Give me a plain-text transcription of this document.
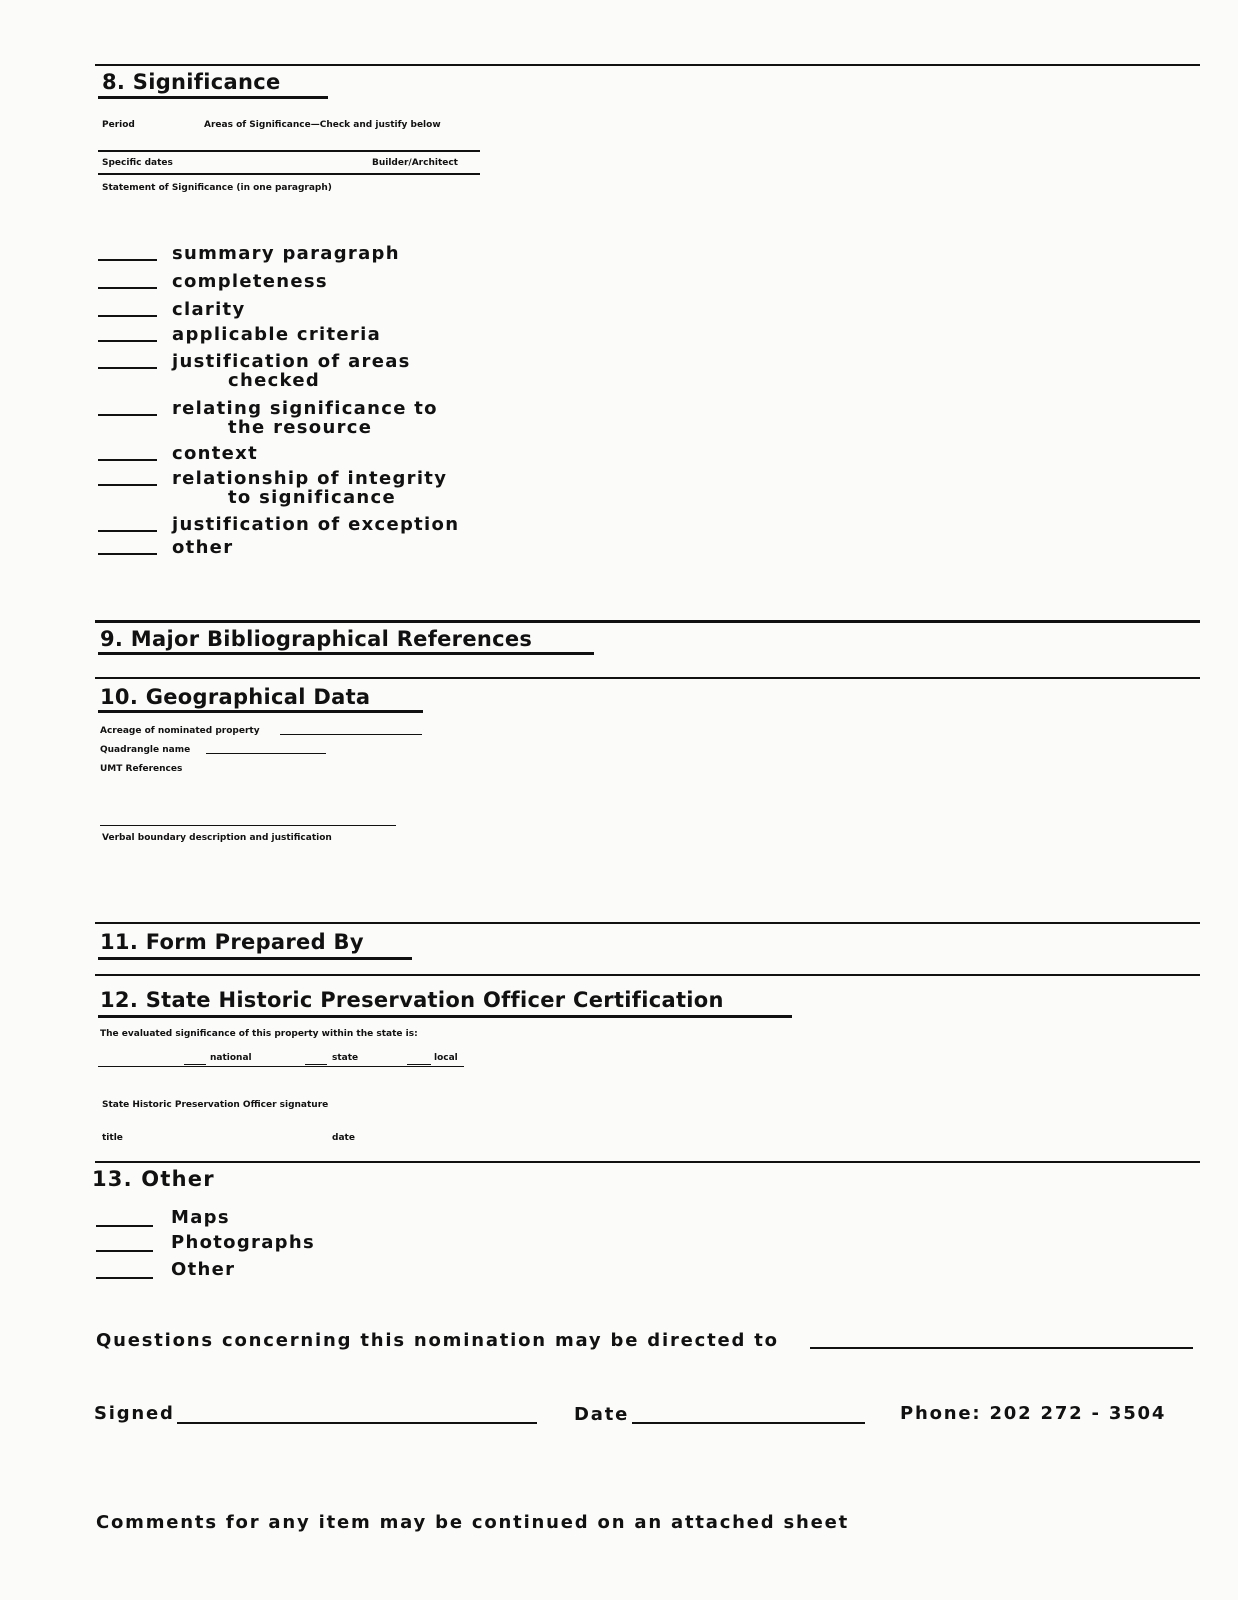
8. Significance
Period	Areas of Significance—Check and justify below
Specific dates	Builder/Architect
Statement of Significance (in one paragraph)
summary paragraph
completeness
clarity
applicable criteria
justification of areas
checked
relating significance to
the resource
context
relationship of integrity
to significance
justification of exception
other
9. Major Bibliographical References
10. Geographical Data
Acreage of nominated property
Quadrangle name
UMT References
Verbal boundary description and justification
11. Form Prepared By
12. State Historic Preservation Officer Certification
The evaluated significance of this property within the state is:
national	state	local
State Historic Preservation Officer signature
title	date
13. Other
Maps
Photographs
Other
Questions concerning this nomination may be directed to
Signed	Date	Phone: 202 272 - 3504
Comments for any item may be continued on an attached sheet
